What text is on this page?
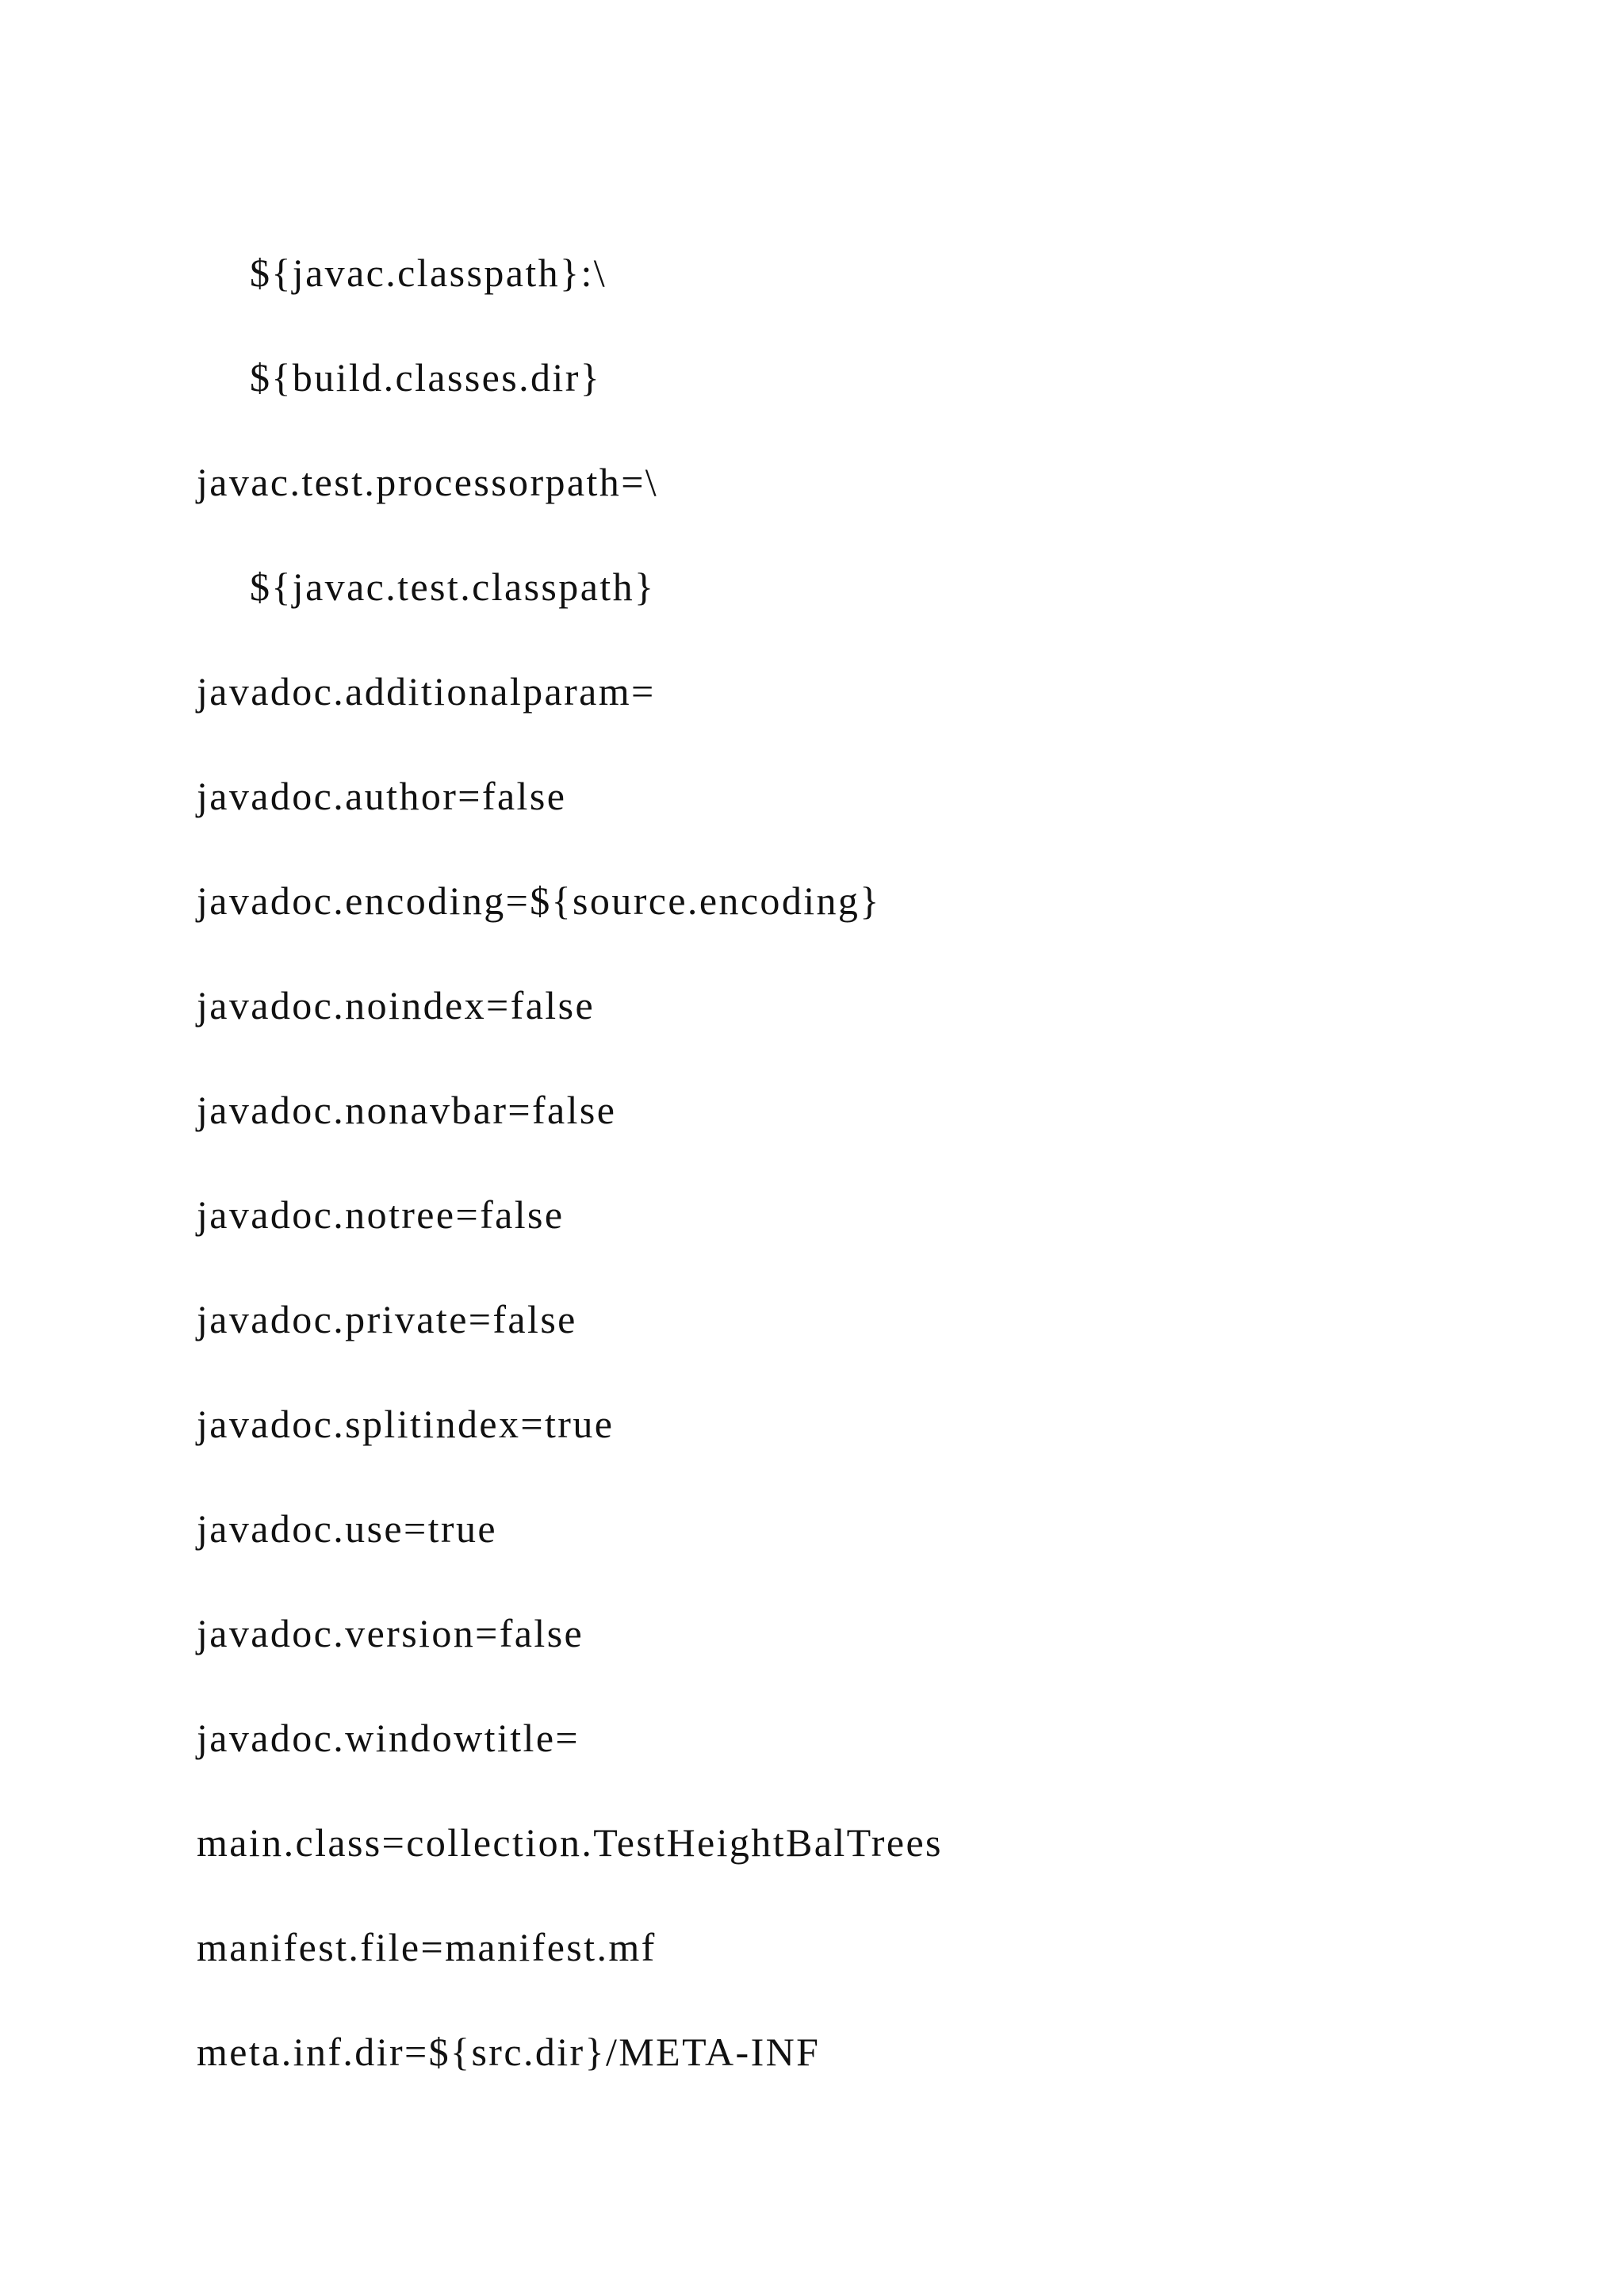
${javac.classpath}:\

${build.classes.dir}

javac.test.processorpath=\

${javac.test.classpath}

javadoc.additionalparam=

javadoc.author=false

javadoc.encoding=${source.encoding}

javadoc.noindex=false

javadoc.nonavbar=false

javadoc.notree=false

javadoc.private=false

javadoc.splitindex=true

javadoc.use=true

javadoc.version=false

javadoc.windowtitle=

main.class=collection.TestHeightBalTrees

manifest.file=manifest.mf

meta.inf.dir=${src.dir}/META-INF
